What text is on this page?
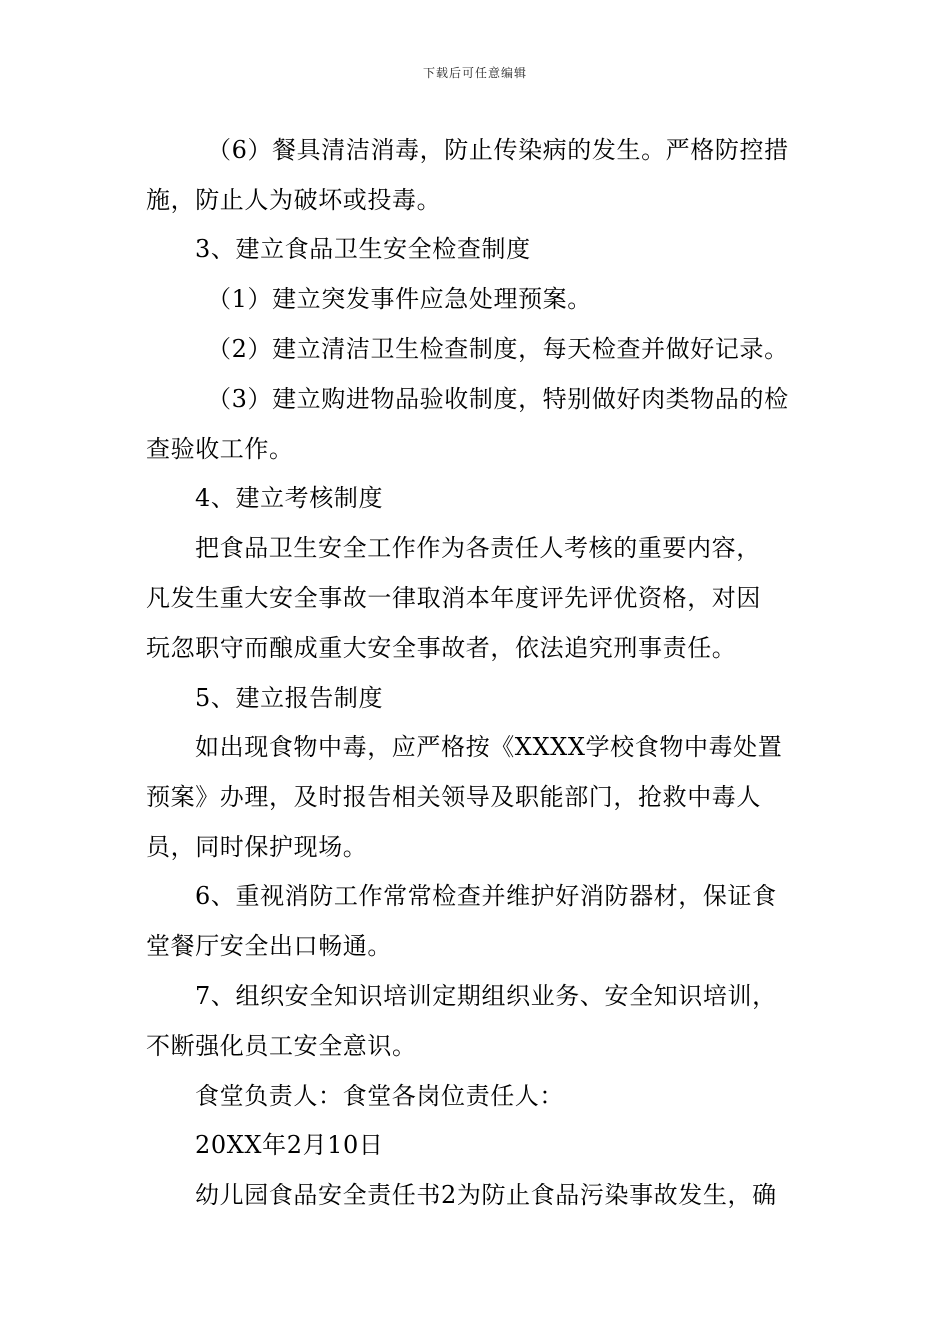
下载后可任意编辑
（6）餐具清洁消毒，防止传染病的发生。严格防控措
施，防止人为破坏或投毒。
3、建立食品卫生安全检查制度
（1）建立突发事件应急处理预案。
（2）建立清洁卫生检查制度，每天检查并做好记录。
（3）建立购进物品验收制度，特别做好肉类物品的检
查验收工作。
4、建立考核制度
把食品卫生安全工作作为各责任人考核的重要内容，
凡发生重大安全事故一律取消本年度评先评优资格，对因
玩忽职守而酿成重大安全事故者，依法追究刑事责任。
5、建立报告制度
如出现食物中毒，应严格按《XXXX学校食物中毒处置
预案》办理，及时报告相关领导及职能部门，抢救中毒人
员，同时保护现场。
6、重视消防工作常常检查并维护好消防器材，保证食
堂餐厅安全出口畅通。
7、组织安全知识培训定期组织业务、安全知识培训，
不断强化员工安全意识。
食堂负责人：食堂各岗位责任人：
20XX年2月10日
幼儿园食品安全责任书2为防止食品污染事故发生，确
